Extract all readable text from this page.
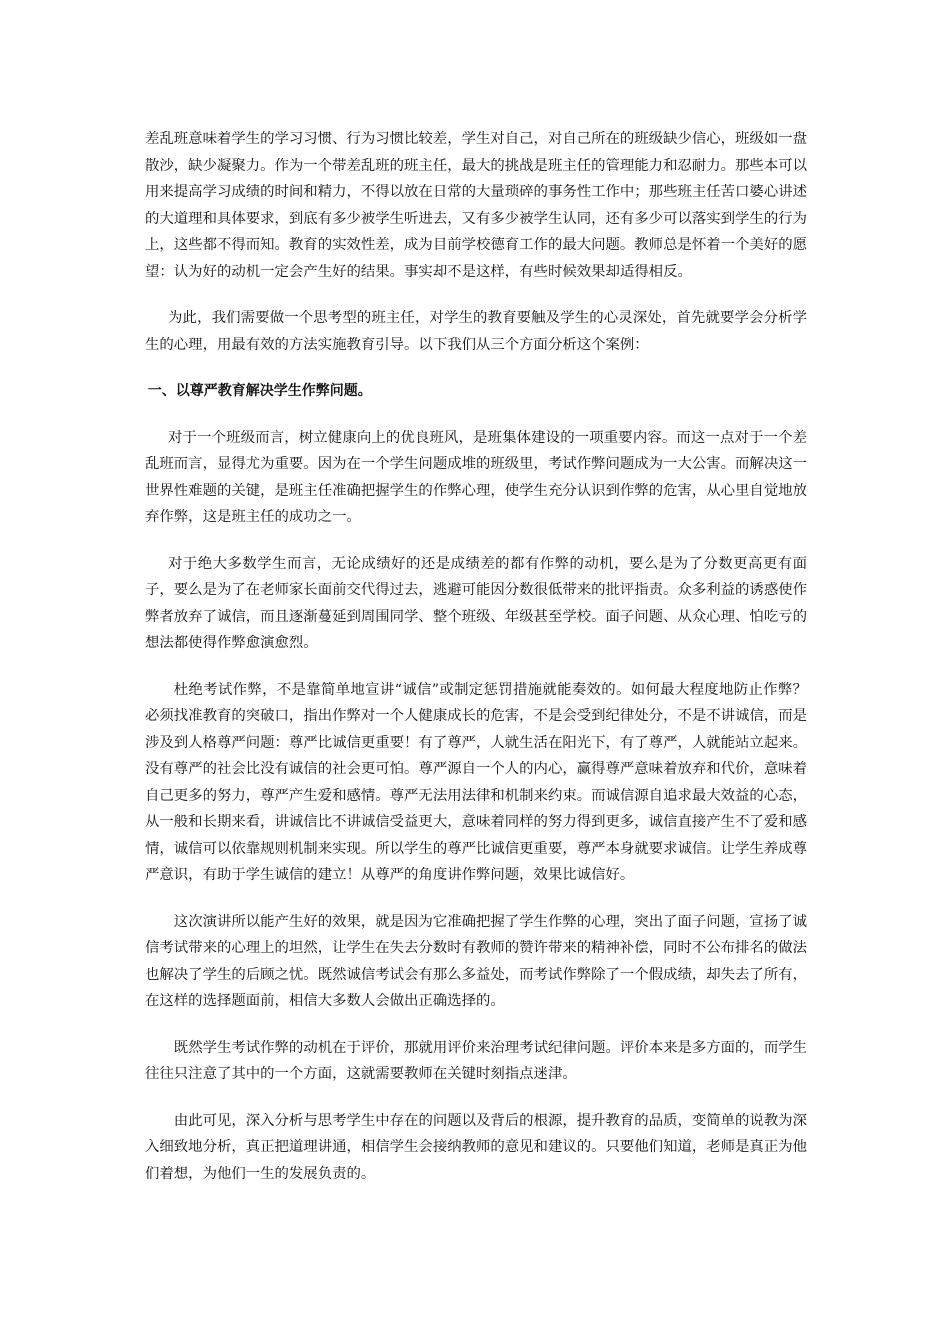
差乱班意味着学生的学习习惯、行为习惯比较差，学生对自己，对自己所在的班级缺少信心，班级如一盘散沙，缺少凝聚力。作为一个带差乱班的班主任，最大的挑战是班主任的管理能力和忍耐力。那些本可以用来提高学习成绩的时间和精力，不得以放在日常的大量琐碎的事务性工作中；那些班主任苦口婆心讲述的大道理和具体要求，到底有多少被学生听进去，又有多少被学生认同，还有多少可以落实到学生的行为上，这些都不得而知。教育的实效性差，成为目前学校德育工作的最大问题。教师总是怀着一个美好的愿望：认为好的动机一定会产生好的结果。事实却不是这样，有些时候效果却适得相反。

为此，我们需要做一个思考型的班主任，对学生的教育要触及学生的心灵深处，首先就要学会分析学生的心理，用最有效的方法实施教育引导。以下我们从三个方面分析这个案例：

一、以尊严教育解决学生作弊问题。

对于一个班级而言，树立健康向上的优良班风，是班集体建设的一项重要内容。而这一点对于一个差乱班而言，显得尤为重要。因为在一个学生问题成堆的班级里，考试作弊问题成为一大公害。而解决这一世界性难题的关键，是班主任准确把握学生的作弊心理，使学生充分认识到作弊的危害，从心里自觉地放弃作弊，这是班主任的成功之一。

对于绝大多数学生而言，无论成绩好的还是成绩差的都有作弊的动机，要么是为了分数更高更有面子，要么是为了在老师家长面前交代得过去，逃避可能因分数很低带来的批评指责。众多利益的诱惑使作弊者放弃了诚信，而且逐渐蔓延到周围同学、整个班级、年级甚至学校。面子问题、从众心理、怕吃亏的想法都使得作弊愈演愈烈。

杜绝考试作弊，不是靠简单地宣讲“诚信”或制定惩罚措施就能奏效的。如何最大程度地防止作弊？必须找准教育的突破口，指出作弊对一个人健康成长的危害，不是会受到纪律处分，不是不讲诚信，而是涉及到人格尊严问题：尊严比诚信更重要！有了尊严，人就生活在阳光下，有了尊严，人就能站立起来。没有尊严的社会比没有诚信的社会更可怕。尊严源自一个人的内心，赢得尊严意味着放弃和代价，意味着自己更多的努力，尊严产生爱和感情。尊严无法用法律和机制来约束。而诚信源自追求最大效益的心态，从一般和长期来看，讲诚信比不讲诚信受益更大，意味着同样的努力得到更多，诚信直接产生不了爱和感情，诚信可以依靠规则机制来实现。所以学生的尊严比诚信更重要，尊严本身就要求诚信。让学生养成尊严意识，有助于学生诚信的建立！从尊严的角度讲作弊问题，效果比诚信好。

这次演讲所以能产生好的效果，就是因为它准确把握了学生作弊的心理，突出了面子问题，宣扬了诚信考试带来的心理上的坦然，让学生在失去分数时有教师的赞许带来的精神补偿，同时不公布排名的做法也解决了学生的后顾之忧。既然诚信考试会有那么多益处，而考试作弊除了一个假成绩，却失去了所有，在这样的选择题面前，相信大多数人会做出正确选择的。

既然学生考试作弊的动机在于评价，那就用评价来治理考试纪律问题。评价本来是多方面的，而学生往往只注意了其中的一个方面，这就需要教师在关键时刻指点迷津。

由此可见，深入分析与思考学生中存在的问题以及背后的根源，提升教育的品质，变简单的说教为深入细致地分析，真正把道理讲通，相信学生会接纳教师的意见和建议的。只要他们知道，老师是真正为他们着想，为他们一生的发展负责的。
